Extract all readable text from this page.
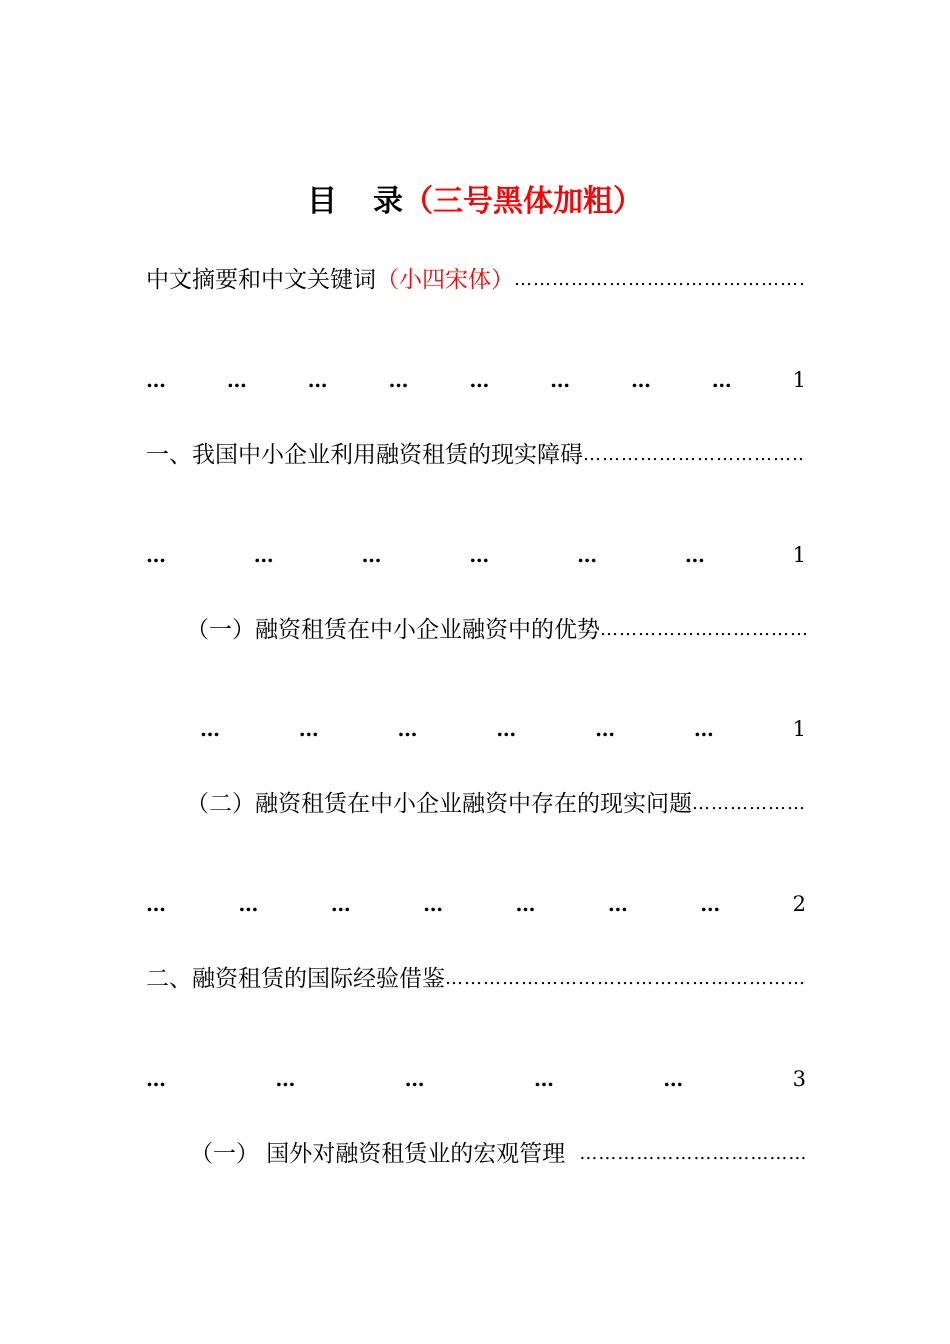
目 录（三号黑体加粗）
中文摘要和中文关键词 （小四宋体）
…………………………………………………………………………………………………………
…	…	…	…	…	…	…	…	1
一、我国中小企业利用融资租赁的现实障碍
…………………………………………………………………………………………………………
…	…	…	…	…	…	1
（一）融资租赁在中小企业融资中的优势
…………………………………………………………………………………………………………
…	…	…	…	…	…	1
（二）融资租赁在中小企业融资中存在的现实问题
…………………………………………………………………………………………………………
…	…	…	…	…	…	…	2
二、融资租赁的国际经验借鉴
…………………………………………………………………………………………………………
…	…	…	…	…	3
（一） 国外对融资租赁业的宏观管理
…………………………………………………………………………………………………………
